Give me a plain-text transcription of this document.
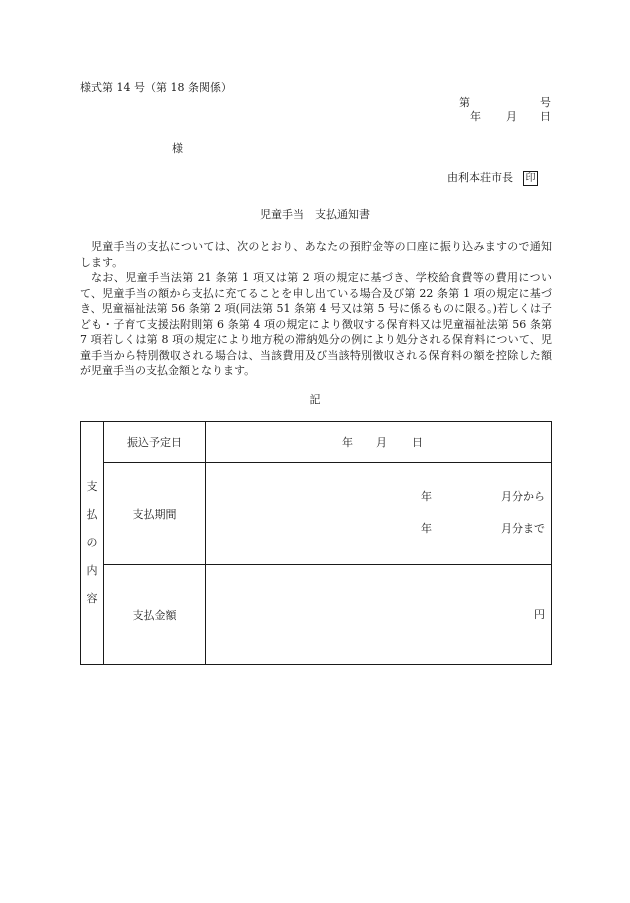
様式第 14 号（第 18 条関係）
第	号
年 月 日
様
由利本荘市長 印
児童手当　支払通知書

児童手当の支払については、次のとおり、あなたの預貯金等の口座に振り込みますので通知します。

なお、児童手当法第 21 条第 1 項又は第 2 項の規定に基づき、学校給食費等の費用について、児童手当の額から支払に充てることを申し出ている場合及び第 22 条第 1 項の規定に基づき、児童福祉法第 56 条第 2 項(同法第 51 条第 4 号又は第 5 号に係るものに限る。)若しくは子ども・子育て支援法附則第 6 条第 4 項の規定により徴収する保育料又は児童福祉法第 56 条第 7 項若しくは第 8 項の規定により地方税の滞納処分の例により処分される保育料について、児童手当から特別徴収される場合は、当該費用及び当該特別徴収される保育料の額を控除した額が児童手当の支払金額となります。

記
支
払
の
内
容	振込予定日	年 月 日

	支払期間	年 月分から
年 月分まで

	支払金額	円
